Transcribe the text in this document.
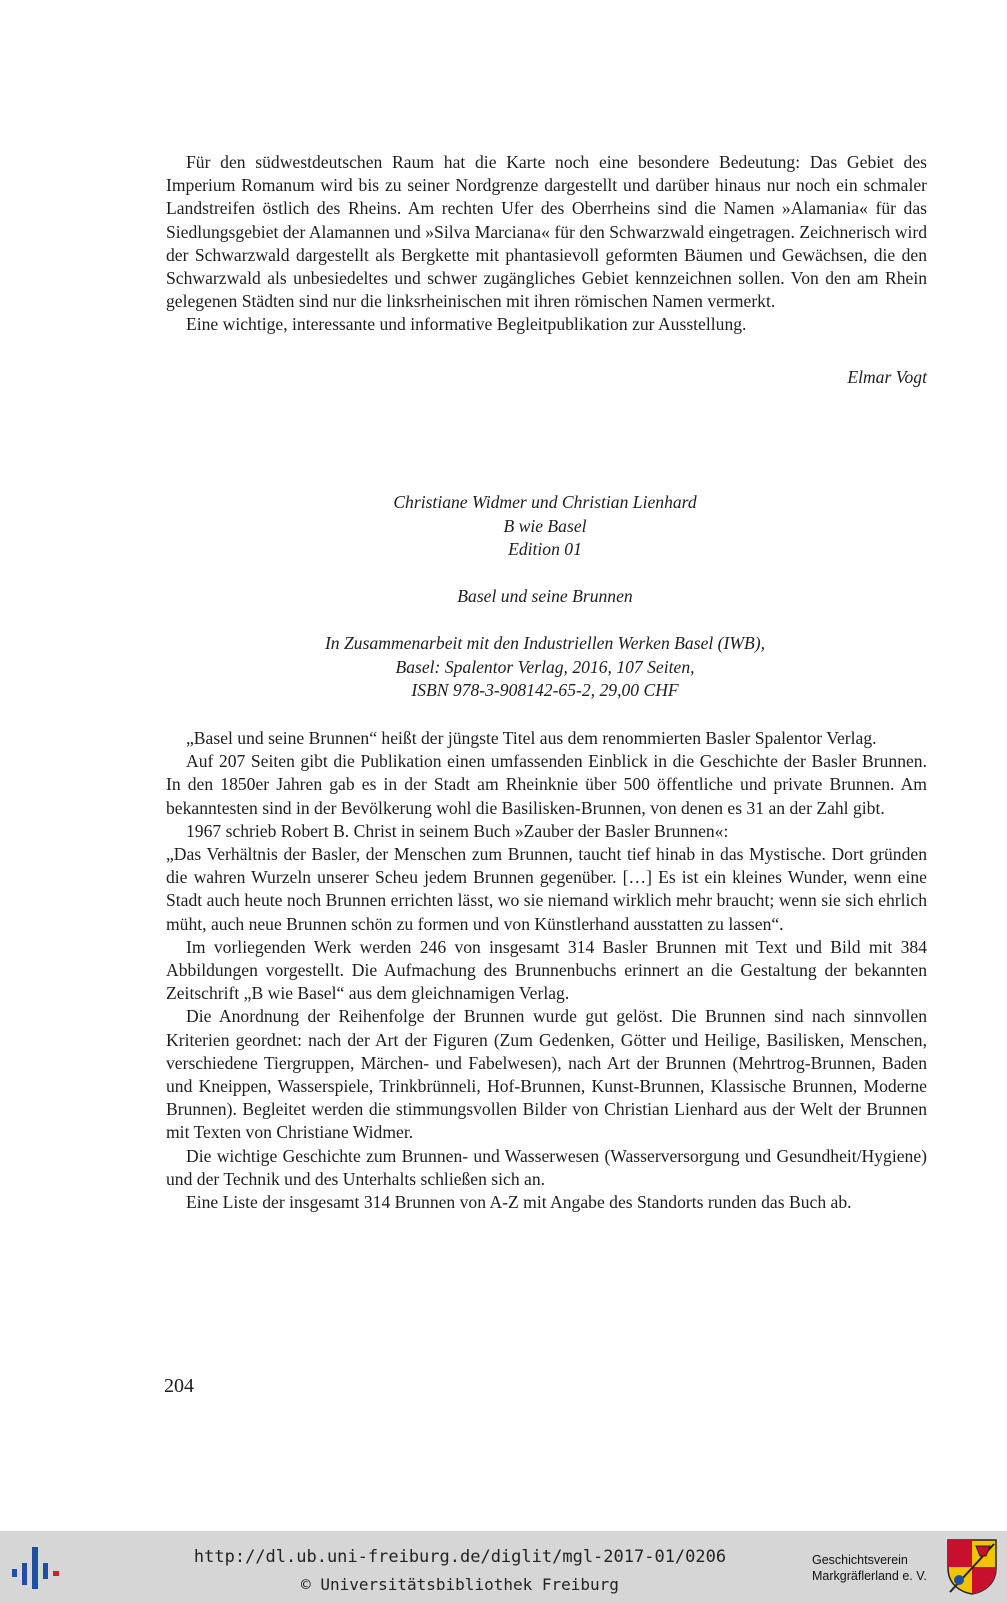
Für den südwestdeutschen Raum hat die Karte noch eine besondere Bedeutung: Das Gebiet des Imperium Romanum wird bis zu seiner Nordgrenze dargestellt und darüber hinaus nur noch ein schmaler Landstreifen östlich des Rheins. Am rechten Ufer des Oberrheins sind die Namen »Alamania« für das Siedlungsgebiet der Alamannen und »Silva Marciana« für den Schwarzwald eingetragen. Zeichnerisch wird der Schwarzwald dargestellt als Bergkette mit phantasievoll geformten Bäumen und Gewächsen, die den Schwarzwald als unbesiedeltes und schwer zugängliches Gebiet kennzeichnen sollen. Von den am Rhein gelegenen Städten sind nur die linksrheinischen mit ihren römischen Namen vermerkt.

Eine wichtige, interessante und informative Begleitpublikation zur Ausstellung.

Elmar Vogt
Christiane Widmer und Christian Lienhard
B wie Basel
Edition 01
Basel und seine Brunnen
In Zusammenarbeit mit den Industriellen Werken Basel (IWB),
Basel: Spalentor Verlag, 2016, 107 Seiten,
ISBN 978-3-908142-65-2, 29,00 CHF

„Basel und seine Brunnen“ heißt der jüngste Titel aus dem renommierten Basler Spalentor Verlag.

Auf 207 Seiten gibt die Publikation einen umfassenden Einblick in die Geschichte der Basler Brunnen. In den 1850er Jahren gab es in der Stadt am Rheinknie über 500 öffentliche und private Brunnen. Am bekanntesten sind in der Bevölkerung wohl die Basilisken-Brunnen, von denen es 31 an der Zahl gibt.

1967 schrieb Robert B. Christ in seinem Buch »Zauber der Basler Brunnen«:

„Das Verhältnis der Basler, der Menschen zum Brunnen, taucht tief hinab in das Mystische. Dort gründen die wahren Wurzeln unserer Scheu jedem Brunnen gegenüber. […] Es ist ein kleines Wunder, wenn eine Stadt auch heute noch Brunnen errichten lässt, wo sie niemand wirklich mehr braucht; wenn sie sich ehrlich müht, auch neue Brunnen schön zu formen und von Künstlerhand ausstatten zu lassen“.

Im vorliegenden Werk werden 246 von insgesamt 314 Basler Brunnen mit Text und Bild mit 384 Abbildungen vorgestellt. Die Aufmachung des Brunnenbuchs erinnert an die Gestaltung der bekannten Zeitschrift „B wie Basel“ aus dem gleichnamigen Verlag.

Die Anordnung der Reihenfolge der Brunnen wurde gut gelöst. Die Brunnen sind nach sinnvollen Kriterien geordnet: nach der Art der Figuren (Zum Gedenken, Götter und Heilige, Basilisken, Menschen, verschiedene Tiergruppen, Märchen- und Fabelwesen), nach Art der Brunnen (Mehrtrog-Brunnen, Baden und Kneippen, Wasserspiele, Trinkbrünneli, Hof-Brunnen, Kunst-Brunnen, Klassische Brunnen, Moderne Brunnen). Begleitet werden die stimmungsvollen Bilder von Christian Lienhard aus der Welt der Brunnen mit Texten von Christiane Widmer.

Die wichtige Geschichte zum Brunnen- und Wasserwesen (Wasserversorgung und Gesundheit/Hygiene) und der Technik und des Unterhalts schließen sich an.

Eine Liste der insgesamt 314 Brunnen von A-Z mit Angabe des Standorts runden das Buch ab.

204
http://dl.ub.uni-freiburg.de/diglit/mgl-2017-01/0206
© Universitätsbibliothek Freiburg
Geschichtsverein
Markgräflerland e. V.
